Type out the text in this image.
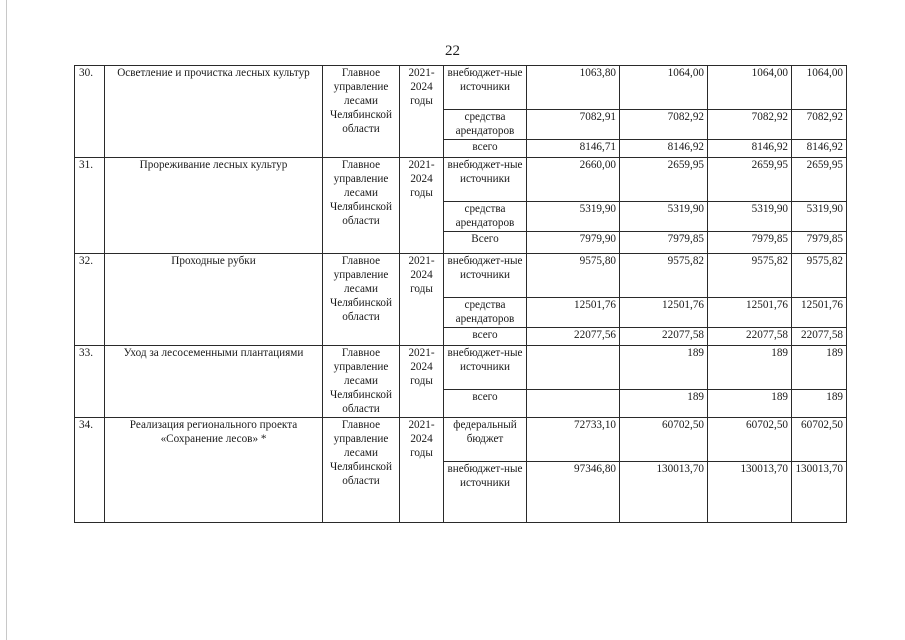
22
30.	Осветление и прочистка лесных культур	Главное управление лесами Челябинской области	2021-2024 годы	внебюджет-ные источники	1063,80	1064,00	1064,00	1064,00
				средства арендаторов	7082,91	7082,92	7082,92	7082,92
				всего	8146,71	8146,92	8146,92	8146,92
31.	Прореживание лесных культур	Главное управление лесами Челябинской области	2021-2024 годы	внебюджет-ные источники	2660,00	2659,95	2659,95	2659,95
				средства арендаторов	5319,90	5319,90	5319,90	5319,90
				Всего	7979,90	7979,85	7979,85	7979,85
32.	Проходные рубки	Главное управление лесами Челябинской области	2021-2024 годы	внебюджет-ные источники	9575,80	9575,82	9575,82	9575,82
				средства арендаторов	12501,76	12501,76	12501,76	12501,76
				всего	22077,56	22077,58	22077,58	22077,58
33.	Уход за лесосеменными плантациями	Главное управление лесами Челябинской области	2021-2024 годы	внебюджет-ные источники		189	189	189
				всего		189	189	189
34.	Реализация регионального проекта «Сохранение лесов» *	Главное управление лесами Челябинской области	2021-2024 годы	федеральный бюджет	72733,10	60702,50	60702,50	60702,50
				внебюджет-ные источники	97346,80	130013,70	130013,70	130013,70
